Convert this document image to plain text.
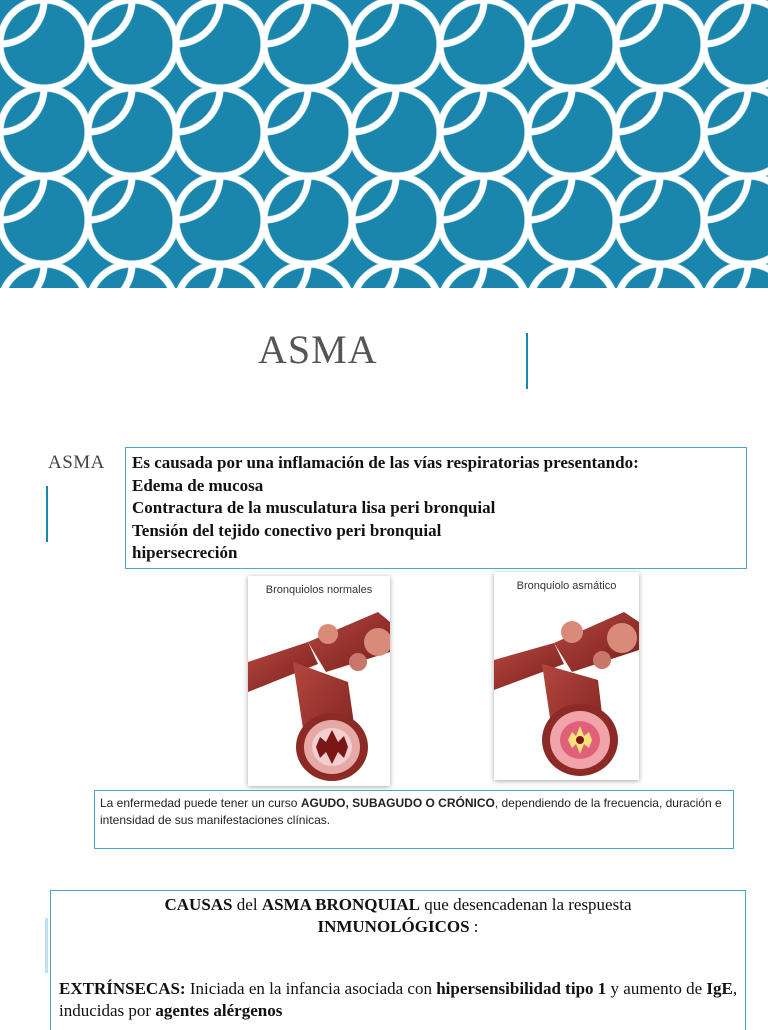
ASMA
ASMA Es causada por una inflamación de las vías respiratorias presentando:
Edema de mucosa
Contractura de la musculatura lisa peri bronquial
Tensión del tejido conectivo peri bronquial
hipersecreción
Bronquiolos normales	Bronquiolo asmático
La enfermedad puede tener un curso AGUDO, SUBAGUDO O CRÓNICO, dependiendo de la frecuencia, duración e intensidad de sus manifestaciones clínicas.
CAUSAS del ASMA BRONQUIAL que desencadenan la respuesta
INMUNOLÓGICOS :
EXTRÍNSECAS: Iniciada en la infancia asociada con hipersensibilidad tipo 1 y aumento de IgE, inducidas por agentes alérgenos
